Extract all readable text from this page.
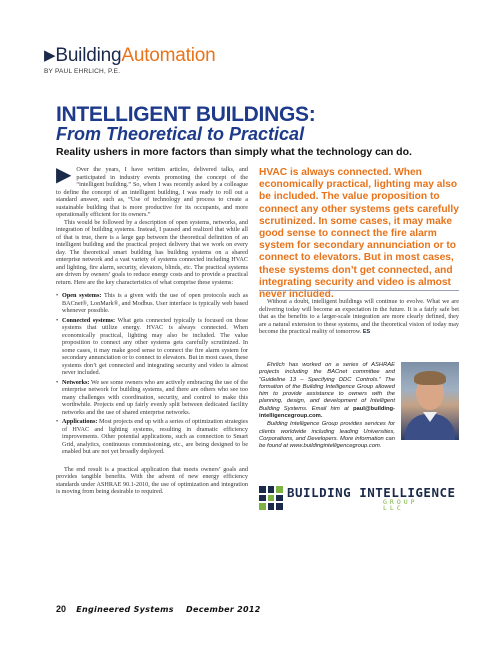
▶BuildingAutomation
BY PAUL EHRLICH, P.E.
INTELLIGENT BUILDINGS:
From Theoretical to Practical
Reality ushers in more factors than simply what the technology can do.

▶ Over the years, I have written articles, delivered talks, and participated in industry events promoting the concept of the “intelligent building.” So, when I was recently asked by a colleague to define the concept of an intelligent building, I was ready to roll out a standard answer, such as, “Use of technology and process to create a sustainable building that is more productive for its occupants, and more operationally efficient for its owners.”

This would be followed by a description of open systems, networks, and integration of building systems. Instead, I paused and realized that while all of that is true, there is a large gap between the theoretical definition of an intelligent building and the practical project delivery that we work on every day. The theoretical smart building has building systems on a shared enterprise network and a vast variety of systems connected including HVAC and lighting, fire alarm, security, elevators, blinds, etc. The practical systems are driven by owners’ goals to reduce energy costs and to provide a practical return. Here are the key characteristics of what comprise these systems:

• Open systems: This is a given with the use of open protocols such as BACnet®, LonMark®, and Modbus. User interface is typically web based whenever possible.
• Connected systems: What gets connected typically is focused on those systems that utilize energy. HVAC is always connected. When economically practical, lighting may also be included. The value proposition to connect any other systems gets carefully scrutinized. In some cases, it may make good sense to connect the fire alarm system for secondary annunciation or to connect to elevators. But in most cases, these systems don’t get connected and integrating security and video is almost never included.
• Networks: We see some owners who are actively embracing the use of the enterprise network for building systems, and there are others who see too many challenges with coordination, security, and control to make this worthwhile. Projects end up fairly evenly split between dedicated facility networks and the use of shared enterprise networks.
• Applications: Most projects end up with a series of optimization strategies of HVAC and lighting systems, resulting in dramatic efficiency improvements. Other potential applications, such as connection to Smart Grid, analytics, continuous commissioning, etc., are being designed to be enabled but are not yet broadly deployed.

The end result is a practical application that meets owners’ goals and provides tangible benefits. With the advent of new energy efficiency standards under ASHRAE 90.1-2010, the use of optimization and integration is moving from being desirable to required.

HVAC is always connected. When economically practical, lighting may also be included. The value proposition to connect any other systems gets carefully scrutinized. In some cases, it may make good sense to connect the fire alarm system for secondary annunciation or to connect to elevators. But in most cases, these systems don’t get connected, and integrating security and video is almost never included.

Without a doubt, intelligent buildings will continue to evolve. What we are delivering today will become an expectation in the future. It is a fairly safe bet that as the benefits to a larger-scale integration are more clearly defined, they are a natural extension to these systems, and the theoretical vision of today may become the practical reality of tomorrow. ES

Ehrlich has worked on a series of ASHRAE projects including the BACnet committee and “Guideline 13 – Specifying DDC Controls.” The formation of the Building Intelligence Group allowed him to provide assistance to owners with the planning, design, and development of Intelligent Building Systems. Email him at paul@building-intelligencegroup.com.

Building Intelligence Group provides services for clients worldwide including leading Universities, Corporations, and Developers. More information can be found at www.buildingintelligencegroup.com.

BUILDING INTELLIGENCE
GROUP
LLC
20 Engineered Systems December 2012
